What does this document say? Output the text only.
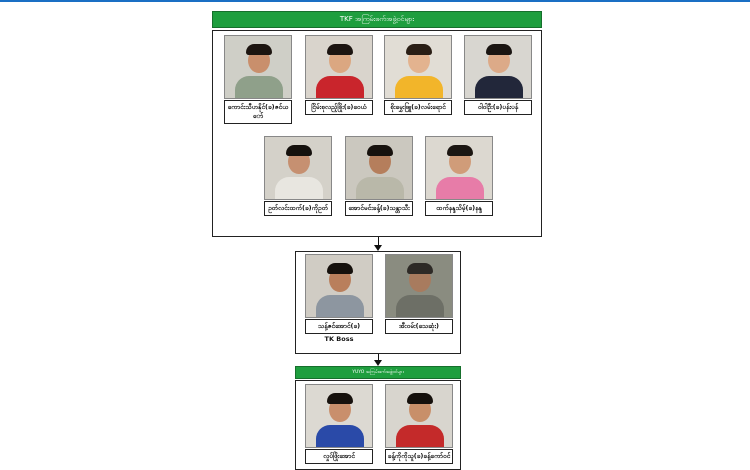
TKF အကြမ်းဖက်အဖွဲ့ဝင်များ
ကောင်းသီဟနိုင်(ခ)ဇင်ယော်
ငြိမ်းစုလည့်ဖြိုး(ခ)ဝေယံ	စိုးမွှေးဖြူ(ခ)လမ်းရောင်	ဝါဝါဦး(ခ)ပန်းပန်
ဥတ်လင်းထက်(ခ)ကိုဥတ်	အောင်မင်းခန့်(ခ)သန္တာသီး	ထက်နန္ဒသိမ့်(ခ)နန္ဒ
သန့်ဇင်အောင်(ခ)
TK Boss
အီးဝမ်း(သေဆုံး)
YUYO အကြမ်းဖက်အဖွဲ့ဝင်များ
လှုပ်ဖြိုးအောင်	ခန့်ကိုကိုသူ(ခ)ခန့်ကော်ဝင်
